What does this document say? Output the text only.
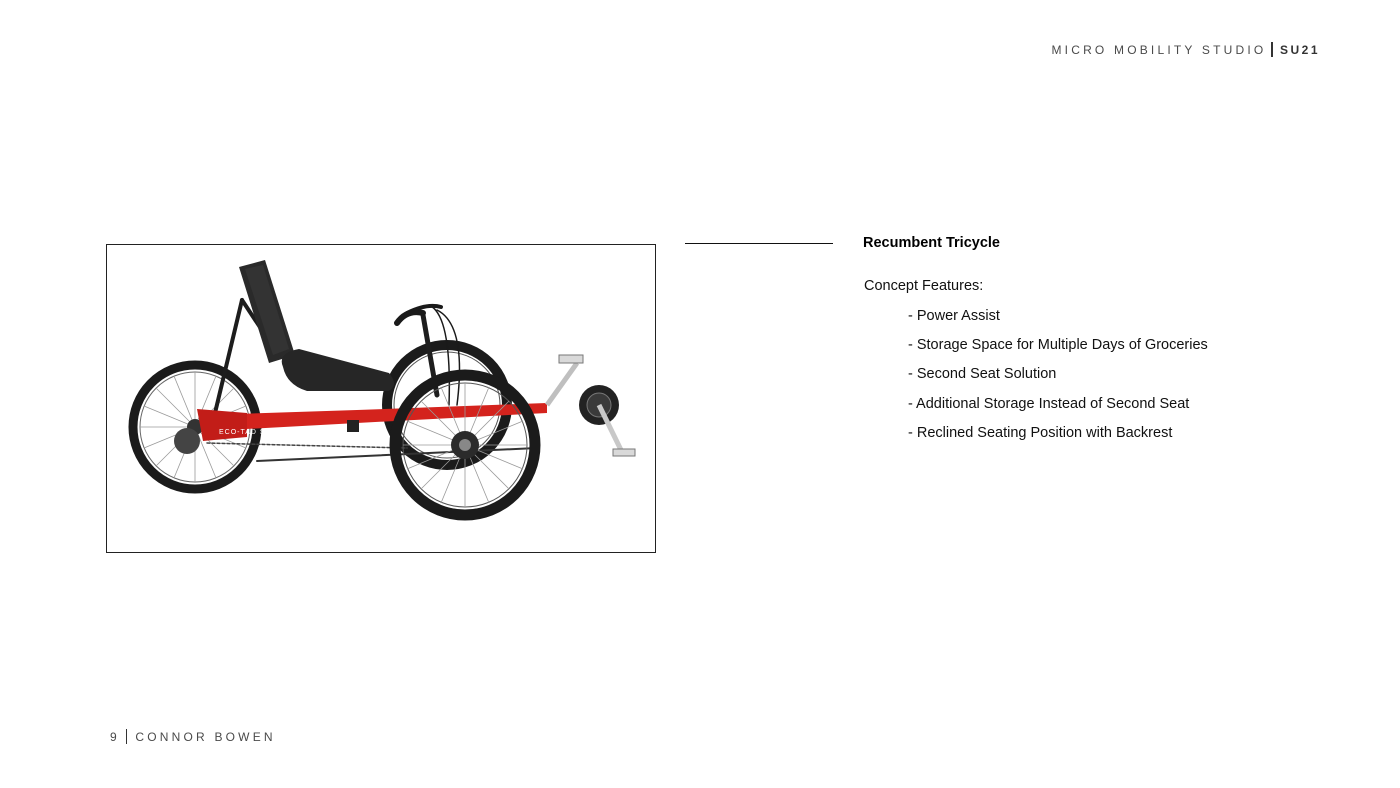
MICRO MOBILITY STUDIO SU21
ECO-TAD SX
Recumbent Tricycle
Concept Features:
- Power Assist
- Storage Space for Multiple Days of Groceries
- Second Seat Solution
- Additional Storage Instead of Second Seat
- Reclined Seating Position with Backrest
9 CONNOR BOWEN
